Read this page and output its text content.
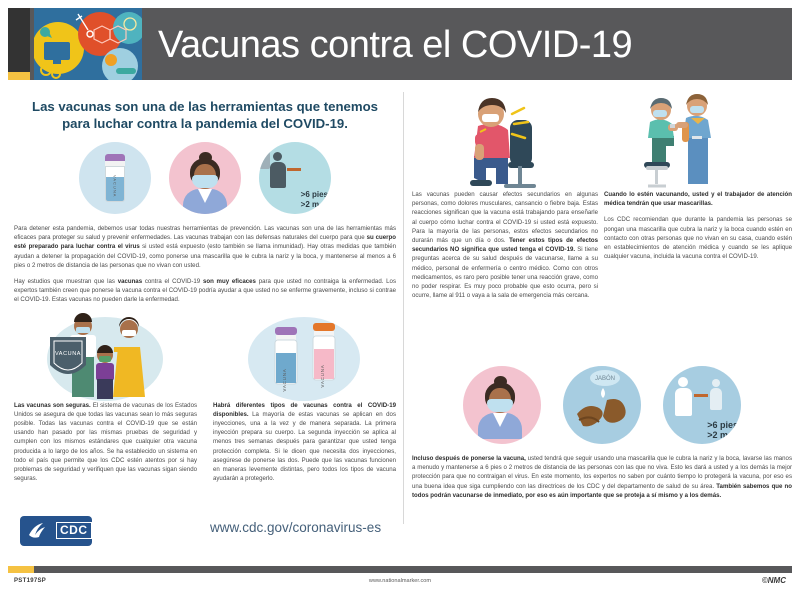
Vacunas contra el COVID-19
Las vacunas son una de las herramientas que tenemos para luchar contra la pandemia del COVID-19.
VACUNA	>6 pies
>2 m

Para detener esta pandemia, debemos usar todas nuestras herramientas de prevención. Las vacunas son una de las herramientas más eficaces para proteger su salud y prevenir enfermedades. Las vacunas trabajan con las defensas naturales del cuerpo para que su cuerpo esté preparado para luchar contra el virus si usted está expuesto (esto también se llama inmunidad). Hay otras medidas que también ayudan a detener la propagación del COVID-19, como ponerse una mascarilla que le cubra la nariz y la boca, y mantenerse al menos a 6 pies o 2 metros de distancia de las personas que no vivan con usted.

Hay estudios que muestran que las vacunas contra el COVID-19 son muy eficaces para que usted no contraiga la enfermedad. Los expertos también creen que ponerse la vacuna contra el COVID-19 podría ayudar a que usted no se enferme gravemente, incluso si contrae el COVID-19. Estas vacunas no pueden darle la enfermedad.

VACUNA

Las vacunas son seguras. El sistema de vacunas de los Estados Unidos se asegura de que todas las vacunas sean lo más seguras posible. Todas las vacunas contra el COVID-19 que se están usando han pasado por las mismas pruebas de seguridad y cumplen con los mismos estándares que cualquier otra vacuna producida a lo largo de los años. Se ha establecido un sistema en todo el país que permite que los CDC estén atentos por si hay problemas de seguridad y verifiquen que las vacunas sigan siendo seguras.

VACUNA	VACUNA

Habrá diferentes tipos de vacunas contra el COVID-19 disponibles. La mayoría de estas vacunas se aplican en dos inyecciones, una a la vez y de manera separada. La primera inyección prepara su cuerpo. La segunda inyección se aplica al menos tres semanas después para garantizar que usted tenga protección completa. Si le dicen que necesita dos inyecciones, asegúrese de ponerse las dos. Puede que las vacunas funcionen en maneras levemente distintas, pero todos los tipos de vacuna ayudarán a protegerlo.

Las vacunas pueden causar efectos secundarios en algunas personas, como dolores musculares, cansancio o fiebre baja. Estas reacciones significan que la vacuna está trabajando para enseñarle al cuerpo cómo luchar contra el COVID-19 si usted está expuesto. Para la mayoría de las personas, estos efectos secundarios no durarán más que un día o dos. Tener estos tipos de efectos secundarios NO significa que usted tenga el COVID-19. Si tiene preguntas acerca de su salud después de vacunarse, llame a su médico, personal de enfermería o centro médico. Como con otros medicamentos, es raro pero posible tener una reacción grave, como no poder respirar. Es muy poco probable que esto ocurra, pero si ocurre, llame al 911 o vaya a la sala de emergencia más cercana.

Cuando lo estén vacunando, usted y el trabajador de atención médica tendrán que usar mascarillas.

Los CDC recomiendan que durante la pandemia las personas se pongan una mascarilla que cubra la nariz y la boca cuando estén en contacto con otras personas que no vivan en su casa, cuando estén en establecimientos de atención médica y cuando se les aplique cualquier vacuna, incluida la vacuna contra el COVID-19.

JABÓN
>6 pies
>2 m

Incluso después de ponerse la vacuna, usted tendrá que seguir usando una mascarilla que le cubra la nariz y la boca, lavarse las manos a menudo y mantenerse a 6 pies o 2 metros de distancia de las personas con las que no viva. Esto les dará a usted y a los demás la mejor protección para que no contraigan el virus. En este momento, los expertos no saben por cuánto tiempo lo protegerá la vacuna, por eso es una buena idea que siga cumpliendo con las directrices de los CDC y del departamento de salud de su área. También sabemos que no todos podrán vacunarse de inmediato, por eso es aún importante que se proteja a sí mismo y a los demás.

CDC	www.cdc.gov/coronavirus-es
PST197SP	www.nationalmarker.com	©NMC
